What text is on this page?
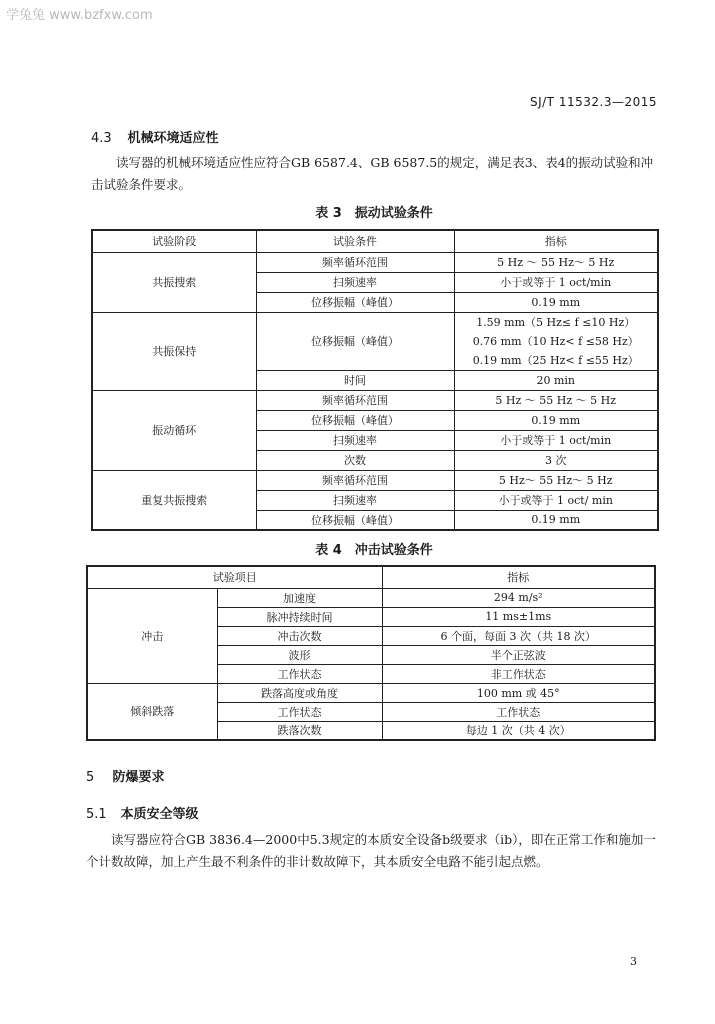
学兔兔 www.bzfxw.com
SJ/T 11532.3—2015
4.3 机械环境适应性
读写器的机械环境适应性应符合GB 6587.4、GB 6587.5的规定，满足表3、表4的振动试验和冲击试验条件要求。
表 3　振动试验条件
试验阶段	试验条件	指标
共振搜索	频率循环范围	5 Hz ～ 55 Hz～ 5 Hz
	扫频速率	小于或等于 1 oct/min
	位移振幅（峰值）	0.19 mm
共振保持	位移振幅（峰值）	1.59 mm（5 Hz≤ f ≤10 Hz）
0.76 mm（10 Hz< f ≤58 Hz）
0.19 mm（25 Hz< f ≤55 Hz）

	时间	20 min
振动循环	频率循环范围	5 Hz ～ 55 Hz ～ 5 Hz
	位移振幅（峰值）	0.19 mm
	扫频速率	小于或等于 1 oct/min
	次数	3 次
重复共振搜索	频率循环范围	5 Hz～ 55 Hz～ 5 Hz
	扫频速率	小于或等于 1 oct/ min
	位移振幅（峰值）	0.19 mm
表 4　冲击试验条件
试验项目		指标
冲击	加速度	294 m/s²
	脉冲持续时间	11 ms±1ms
	冲击次数	6 个面，每面 3 次（共 18 次）
	波形	半个正弦波
	工作状态	非工作状态
倾斜跌落	跌落高度或角度	100 mm 或 45°
	工作状态	工作状态
	跌落次数	每边 1 次（共 4 次）
5 防爆要求
5.1 本质安全等级
读写器应符合GB 3836.4—2000中5.3规定的本质安全设备b级要求（ib），即在正常工作和施加一个计数故障，加上产生最不利条件的非计数故障下，其本质安全电路不能引起点燃。
3
